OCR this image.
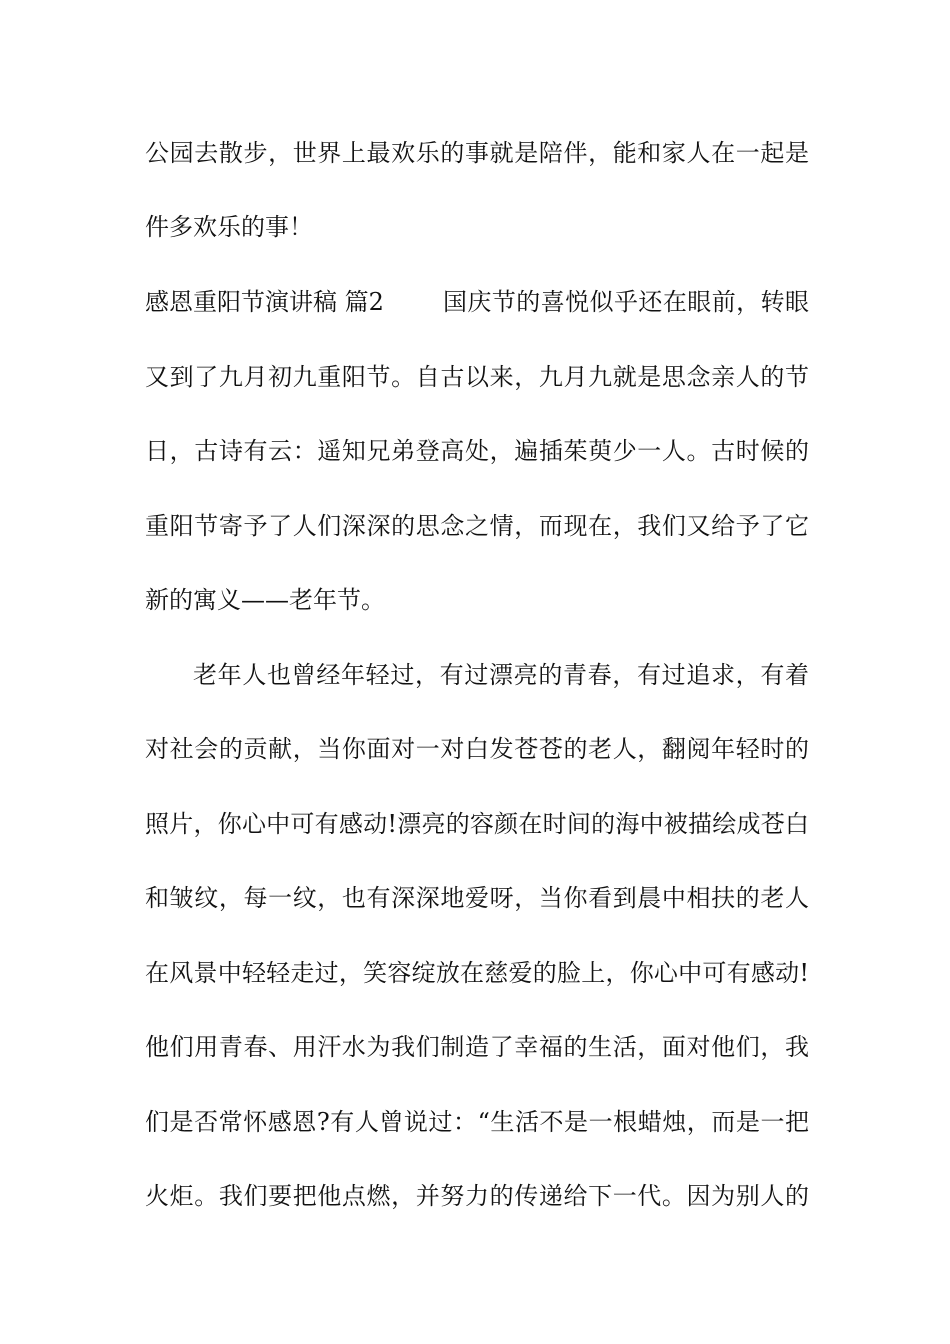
公园去散步，世界上最欢乐的事就是陪伴，能和家人在一起是
件多欢乐的事！
感恩重阳节演讲稿 篇2 国庆节的喜悦似乎还在眼前，转眼
又到了九月初九重阳节。自古以来，九月九就是思念亲人的节
日，古诗有云：遥知兄弟登高处，遍插茱萸少一人。古时候的
重阳节寄予了人们深深的思念之情，而现在，我们又给予了它
新的寓义——老年节。
老年人也曾经年轻过，有过漂亮的青春，有过追求，有着
对社会的贡献，当你面对一对白发苍苍的老人，翻阅年轻时的
照片，你心中可有感动!漂亮的容颜在时间的海中被描绘成苍白
和皱纹，每一纹，也有深深地爱呀，当你看到晨中相扶的老人
在风景中轻轻走过，笑容绽放在慈爱的脸上，你心中可有感动!
他们用青春、用汗水为我们制造了幸福的生活，面对他们，我
们是否常怀感恩?有人曾说过：“生活不是一根蜡烛，而是一把
火炬。我们要把他点燃，并努力的传递给下一代。因为别人的
